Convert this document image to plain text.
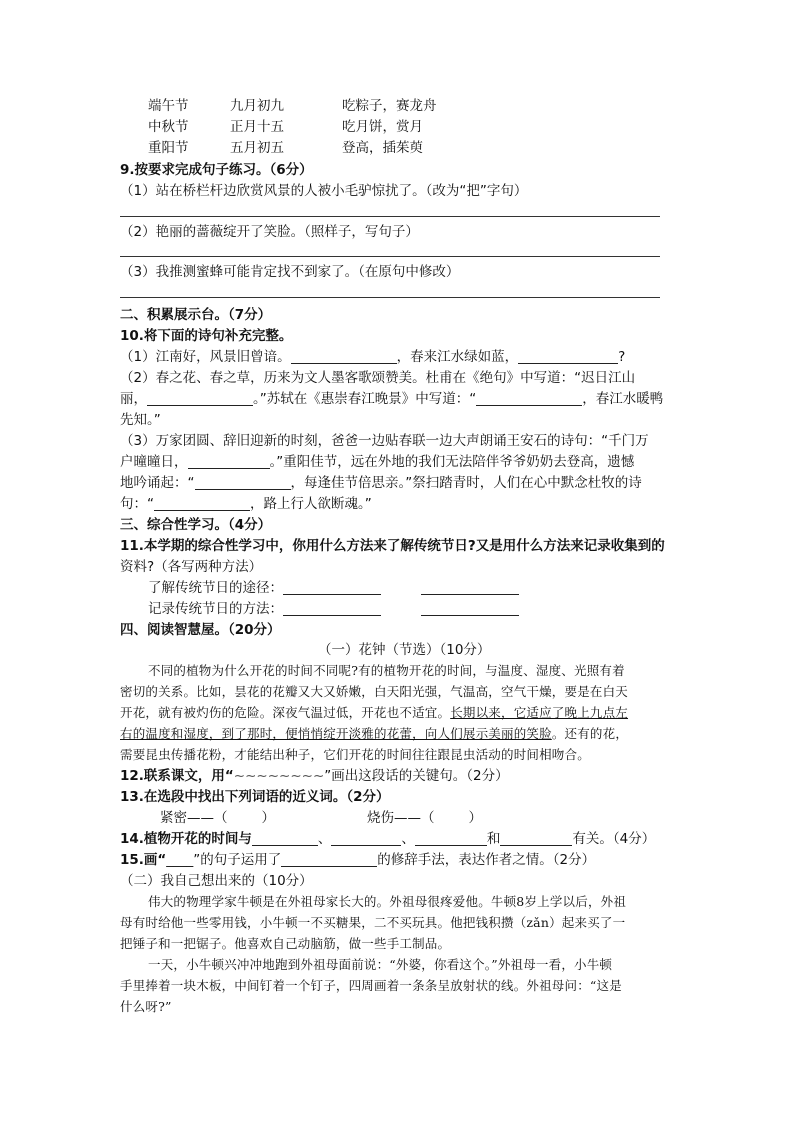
端午节	九月初九	吃粽子，赛龙舟
中秋节	正月十五	吃月饼，赏月
重阳节	五月初五	登高，插茱萸
9.按要求完成句子练习。（6分）
（1）站在桥栏杆边欣赏风景的人被小毛驴惊扰了。（改为“把”字句）
（2）艳丽的蔷薇绽开了笑脸。（照样子，写句子）
（3）我推测蜜蜂可能肯定找不到家了。（在原句中修改）
二、积累展示台。（7分）
10.将下面的诗句补充完整。
（1）江南好，风景旧曾谙。	，春来江水绿如蓝，	?
（2）春之花、春之草，历来为文人墨客歌颂赞美。杜甫在《绝句》中写道：“迟日江山
丽，	。”苏轼在《惠崇春江晚景》中写道：“	，春江水暖鸭
先知。”
（3）万家团圆、辞旧迎新的时刻，爸爸一边贴春联一边大声朗诵王安石的诗句：“千门万
户曈曈日，	。”重阳佳节，远在外地的我们无法陪伴爷爷奶奶去登高，遗憾
地吟诵起：“	，每逢佳节倍思亲。”祭扫踏青时，人们在心中默念杜牧的诗
句：“	，路上行人欲断魂。”
三、综合性学习。（4分）
11.本学期的综合性学习中，你用什么方法来了解传统节日?又是用什么方法来记录收集到的
资料?（各写两种方法）
了解传统节日的途径：
记录传统节日的方法：
四、阅读智慧屋。（20分）
（一）花钟（节选）（10分）
不同的植物为什么开花的时间不同呢?有的植物开花的时间，与温度、湿度、光照有着
密切的关系。比如，昙花的花瓣又大又娇嫩，白天阳光强，气温高，空气干燥，要是在白天
开花，就有被灼伤的危险。深夜气温过低，开花也不适宜。长期以来，它适应了晚上九点左
右的温度和湿度，到了那时，便悄悄绽开淡雅的花蕾，向人们展示美丽的笑脸。还有的花，
需要昆虫传播花粉，才能结出种子，它们开花的时间往往跟昆虫活动的时间相吻合。
12.联系课文，用“~~~~~~~~”画出这段话的关键句。（2分）
13.在选段中找出下列词语的近义词。（2分）
紧密——（	）	烧伤——（	）
14.植物开花的时间与	、	、	和	有关。（4分）
15.画“____”的句子运用了	的修辞手法，表达作者之情。（2分）
（二）我自己想出来的（10分）
伟大的物理学家牛顿是在外祖母家长大的。外祖母很疼爱他。牛顿8岁上学以后，外祖
母有时给他一些零用钱，小牛顿一不买糖果，二不买玩具。他把钱积攒（zǎn）起来买了一
把锤子和一把锯子。他喜欢自己动脑筋，做一些手工制品。
一天，小牛顿兴冲冲地跑到外祖母面前说：“外婆，你看这个。”外祖母一看，小牛顿
手里捧着一块木板，中间钉着一个钉子，四周画着一条条呈放射状的线。外祖母问：“这是
什么呀?”
